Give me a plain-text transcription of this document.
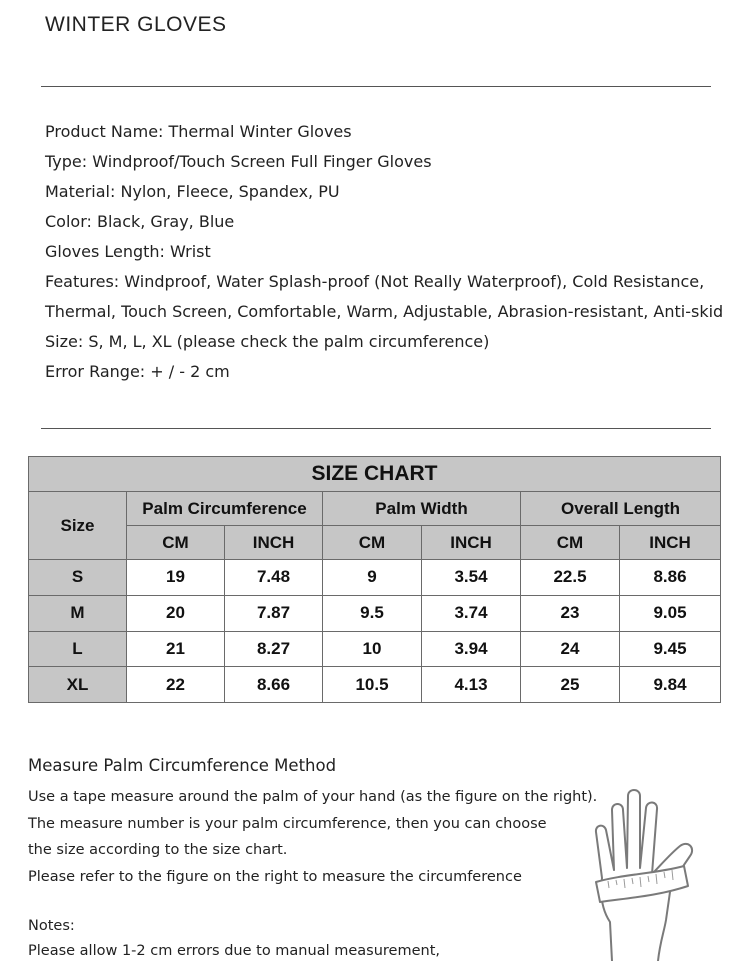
WINTER GLOVES
Product Name: Thermal Winter Gloves
Type: Windproof/Touch Screen Full Finger Gloves
Material: Nylon, Fleece, Spandex, PU
Color: Black, Gray, Blue
Gloves Length: Wrist
Features: Windproof, Water Splash-proof (Not Really Waterproof), Cold Resistance,
Thermal, Touch Screen, Comfortable, Warm, Adjustable, Abrasion-resistant, Anti-skid
Size: S, M, L, XL (please check the palm circumference)
Error Range: + / - 2 cm
SIZE CHART						
Size	Palm Circumference		Palm Width		Overall Length	
	CM	INCH	CM	INCH	CM	INCH
S	19	7.48	9	3.54	22.5	8.86
M	20	7.87	9.5	3.74	23	9.05
L	21	8.27	10	3.94	24	9.45
XL	22	8.66	10.5	4.13	25	9.84
Measure Palm Circumference Method
Use a tape measure around the palm of your hand (as the figure on the right).
The measure number is your palm circumference, then you can choose
the size according to the size chart.
Please refer to the figure on the right to measure the circumference
Notes:
Please allow 1-2 cm errors due to manual measurement,
